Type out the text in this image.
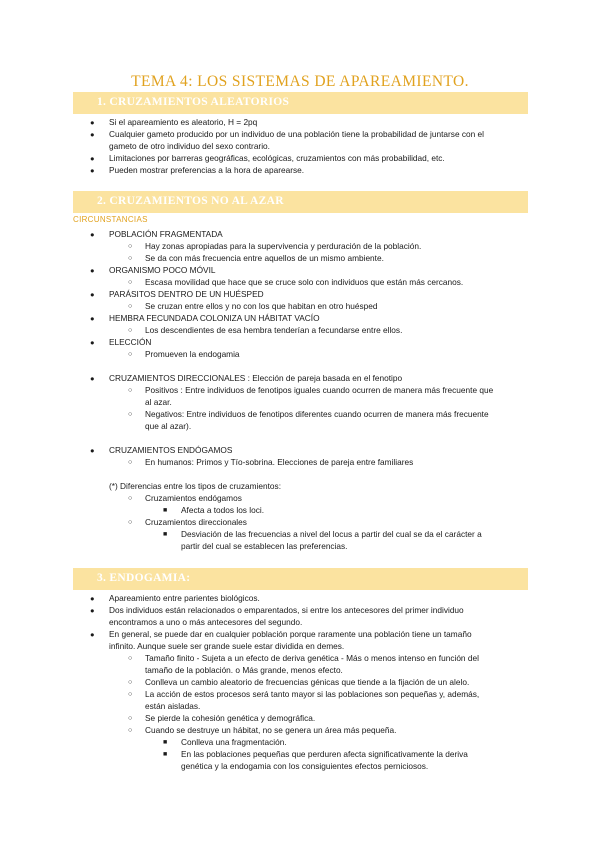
TEMA 4: LOS SISTEMAS DE APAREAMIENTO.
1. CRUZAMIENTOS ALEATORIOS
● Si el apareamiento es aleatorio, H = 2pq
● Cualquier gameto producido por un individuo de una población tiene la probabilidad de juntarse con el
gameto de otro individuo del sexo contrario.
● Limitaciones por barreras geográficas, ecológicas, cruzamientos con más probabilidad, etc.
● Pueden mostrar preferencias a la hora de aparearse.
2. CRUZAMIENTOS NO AL AZAR
CIRCUNSTANCIAS
● POBLACIÓN FRAGMENTADA
○ Hay zonas apropiadas para la supervivencia y perduración de la población.
○ Se da con más frecuencia entre aquellos de un mismo ambiente.
● ORGANISMO POCO MÓVIL
○ Escasa movilidad que hace que se cruce solo con individuos que están más cercanos.
● PARÁSITOS DENTRO DE UN HUÉSPED
○ Se cruzan entre ellos y no con los que habitan en otro huésped
● HEMBRA FECUNDADA COLONIZA UN HÁBITAT VACÍO
○ Los descendientes de esa hembra tenderían a fecundarse entre ellos.
● ELECCIÓN
○ Promueven la endogamia
● CRUZAMIENTOS DIRECCIONALES : Elección de pareja basada en el fenotipo
○ Positivos : Entre individuos de fenotipos iguales cuando ocurren de manera más frecuente que
al azar.
○ Negativos: Entre individuos de fenotipos diferentes cuando ocurren de manera más frecuente
que al azar).
● CRUZAMIENTOS ENDÓGAMOS
○ En humanos: Primos y Tío-sobrina. Elecciones de pareja entre familiares
(*) Diferencias entre los tipos de cruzamientos:
○ Cruzamientos endógamos
■ Afecta a todos los loci.
○ Cruzamientos direccionales
■ Desviación de las frecuencias a nivel del locus a partir del cual se da el carácter a
partir del cual se establecen las preferencias.
3. ENDOGAMIA:
● Apareamiento entre parientes biológicos.
● Dos individuos están relacionados o emparentados, si entre los antecesores del primer individuo
encontramos a uno o más antecesores del segundo.
● En general, se puede dar en cualquier población porque raramente una población tiene un tamaño
infinito. Aunque suele ser grande suele estar dividida en demes.
○ Tamaño finito - Sujeta a un efecto de deriva genética - Más o menos intenso en función del
tamaño de la población. o Más grande, menos efecto.
○ Conlleva un cambio aleatorio de frecuencias génicas que tiende a la fijación de un alelo.
○ La acción de estos procesos será tanto mayor si las poblaciones son pequeñas y, además,
están aisladas.
○ Se pierde la cohesión genética y demográfica.
○ Cuando se destruye un hábitat, no se genera un área más pequeña.
■ Conlleva una fragmentación.
■ En las poblaciones pequeñas que perduren afecta significativamente la deriva
genética y la endogamia con los consiguientes efectos perniciosos.
